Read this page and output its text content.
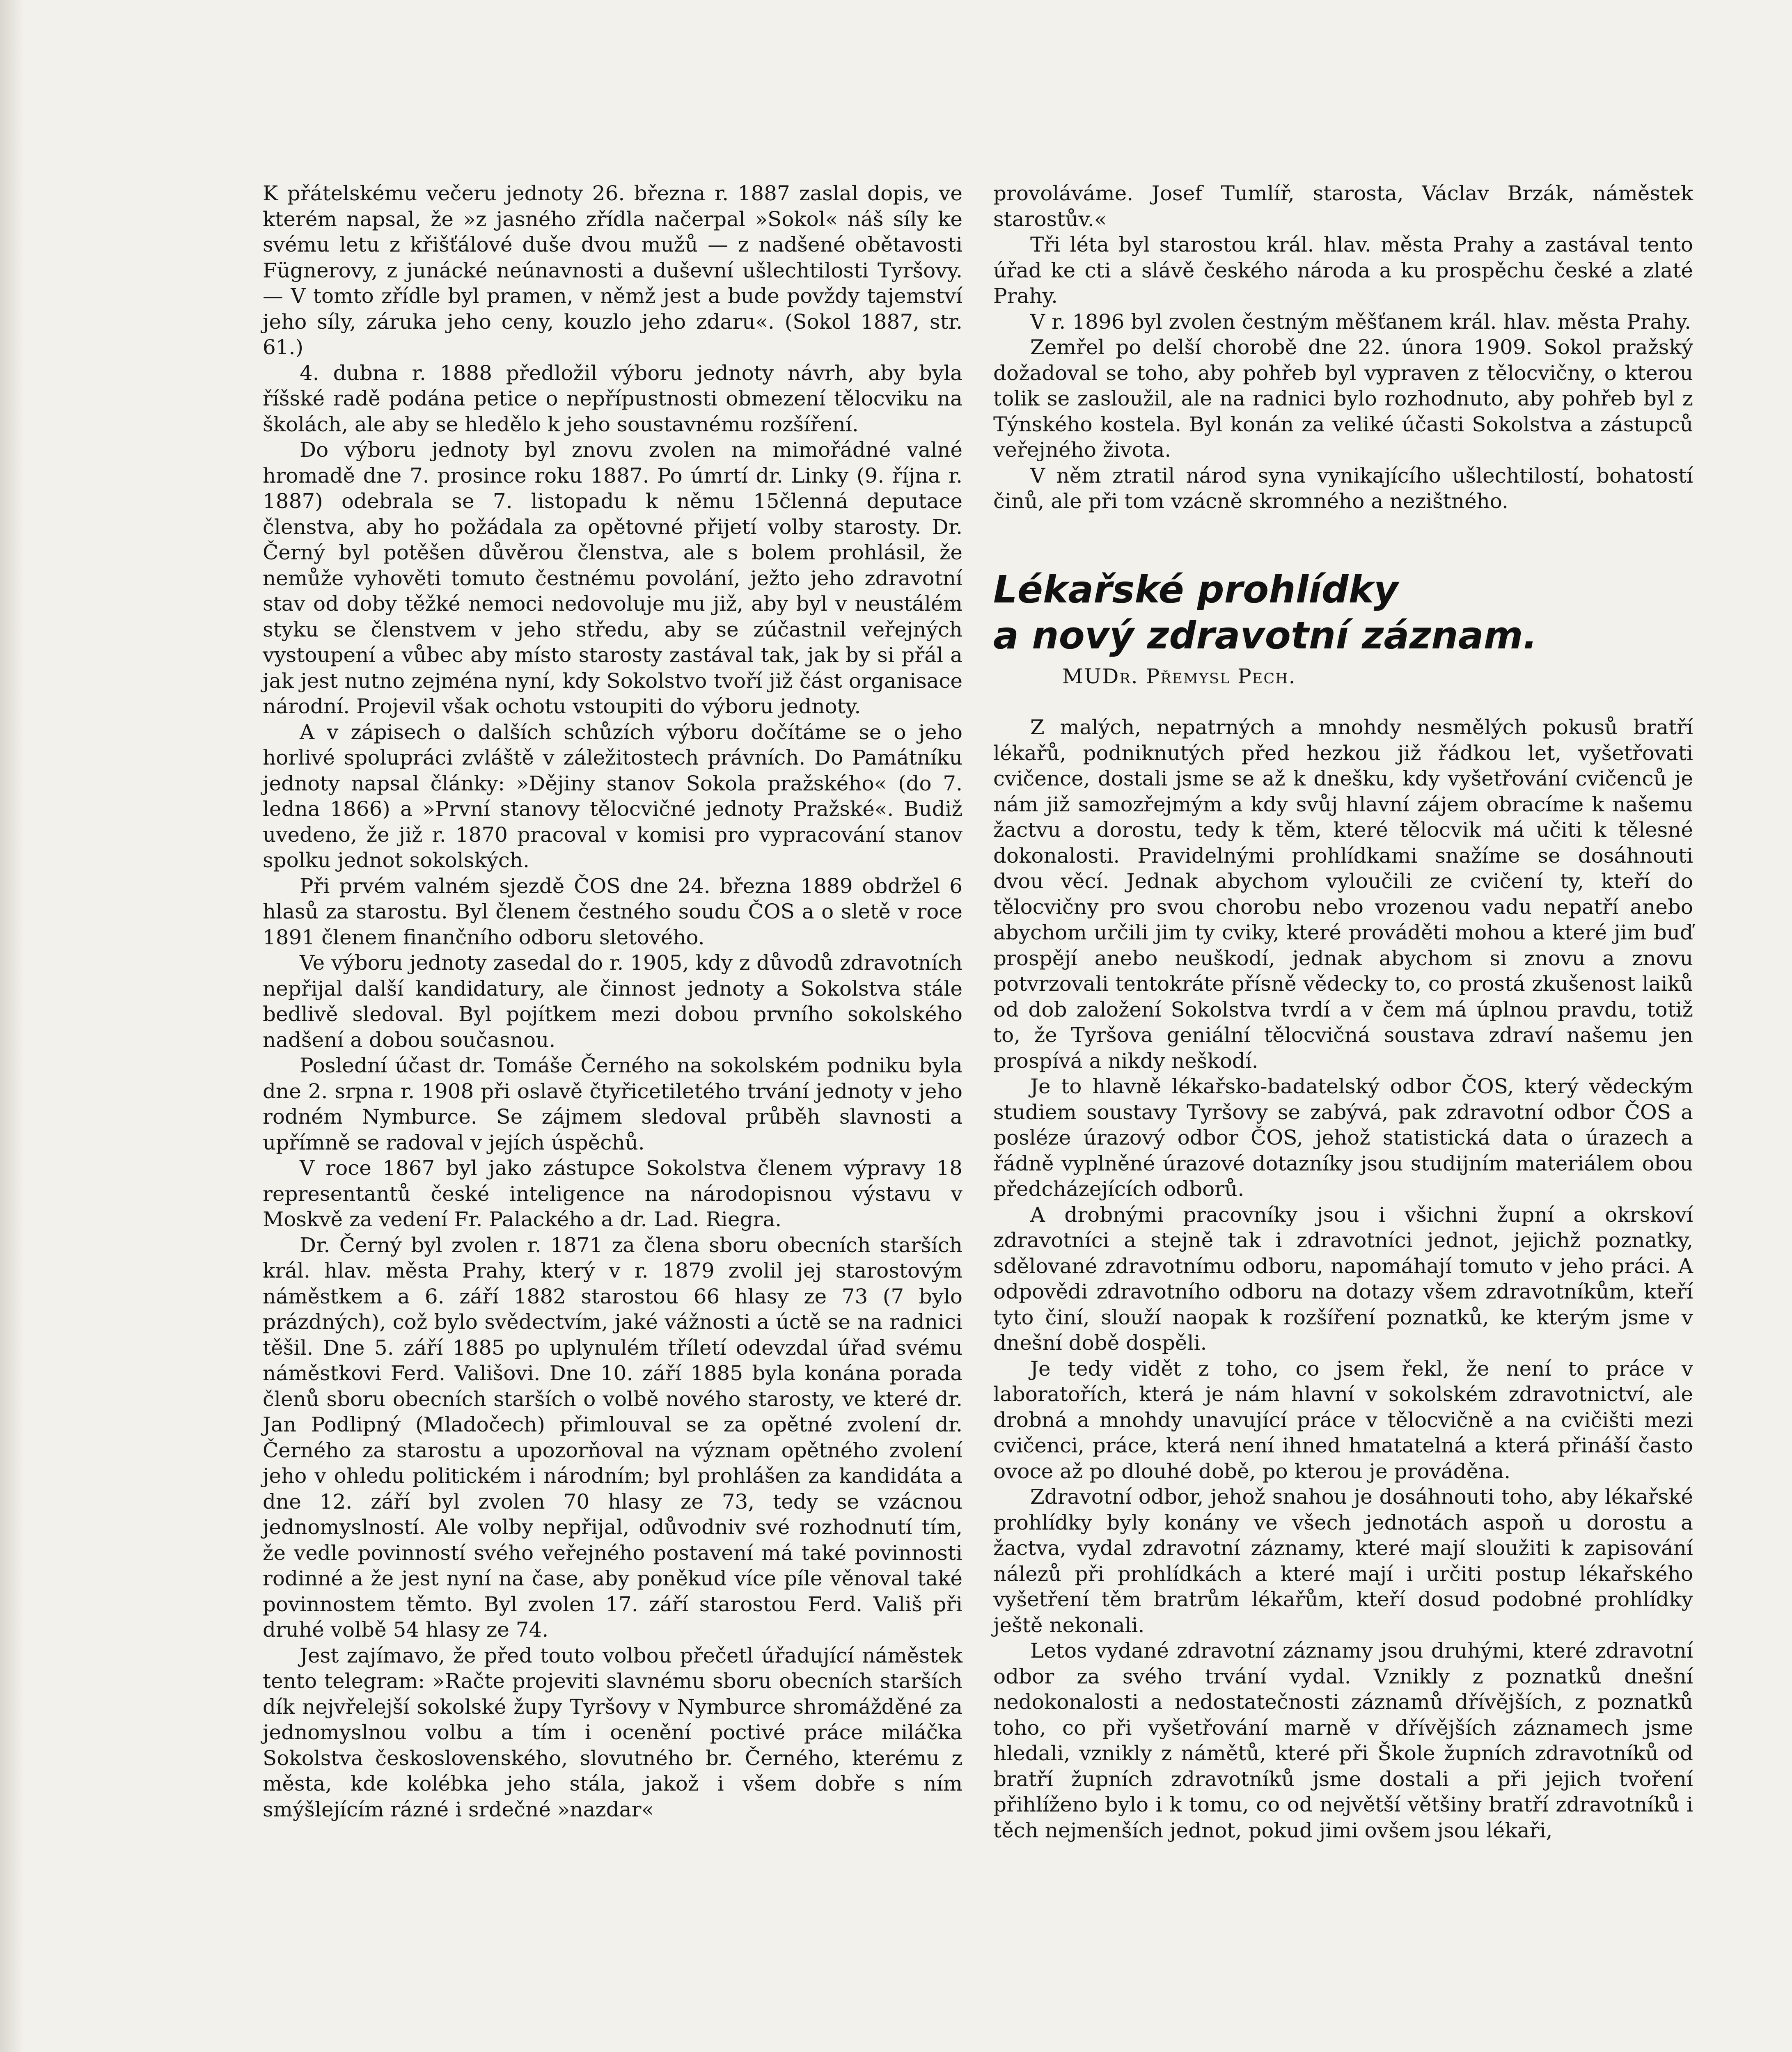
K přátelskému večeru jednoty 26. března r. 1887 zaslal dopis, ve kterém napsal, že »z jasného zřídla načerpal »Sokol« náš síly ke svému letu z křišťálové duše dvou mužů — z nadšené obětavosti Fügnerovy, z junácké neúnavnosti a duševní ušlechtilosti Tyršovy. — V tomto zřídle byl pramen, v němž jest a bude povždy tajemství jeho síly, záruka jeho ceny, kouzlo jeho zdaru«. (Sokol 1887, str. 61.)

4. dubna r. 1888 předložil výboru jednoty návrh, aby byla říšské radě podána petice o nepřípustnosti obmezení tělocviku na školách, ale aby se hledělo k jeho soustavnému rozšíření.

Do výboru jednoty byl znovu zvolen na mimořádné valné hromadě dne 7. prosince roku 1887. Po úmrtí dr. Linky (9. října r. 1887) odebrala se 7. listopadu k němu 15členná deputace členstva, aby ho požádala za opětovné přijetí volby starosty. Dr. Černý byl potěšen důvěrou členstva, ale s bolem prohlásil, že nemůže vyhověti tomuto čestnému povolání, ježto jeho zdravotní stav od doby těžké nemoci nedovoluje mu již, aby byl v neustálém styku se členstvem v jeho středu, aby se zúčastnil veřejných vystoupení a vůbec aby místo starosty zastával tak, jak by si přál a jak jest nutno zejména nyní, kdy Sokolstvo tvoří již část organisace národní. Projevil však ochotu vstoupiti do výboru jednoty.

A v zápisech o dalších schůzích výboru dočítáme se o jeho horlivé spolupráci zvláště v záležitostech právních. Do Památníku jednoty napsal články: »Dějiny stanov Sokola pražského« (do 7. ledna 1866) a »První stanovy tělocvičné jednoty Pražské«. Budiž uvedeno, že již r. 1870 pracoval v komisi pro vypracování stanov spolku jednot sokolských.

Při prvém valném sjezdě ČOS dne 24. března 1889 obdržel 6 hlasů za starostu. Byl členem čestného soudu ČOS a o sletě v roce 1891 členem finančního odboru sletového.

Ve výboru jednoty zasedal do r. 1905, kdy z důvodů zdravotních nepřijal další kandidatury, ale činnost jednoty a Sokolstva stále bedlivě sledoval. Byl pojítkem mezi dobou prvního sokolského nadšení a dobou současnou.

Poslední účast dr. Tomáše Černého na sokolském podniku byla dne 2. srpna r. 1908 při oslavě čtyřicetiletého trvání jednoty v jeho rodném Nymburce. Se zájmem sledoval průběh slavnosti a upřímně se radoval v jejích úspěchů.

V roce 1867 byl jako zástupce Sokolstva členem výpravy 18 representantů české inteligence na národopisnou výstavu v Moskvě za vedení Fr. Palackého a dr. Lad. Riegra.

Dr. Černý byl zvolen r. 1871 za člena sboru obecních starších král. hlav. města Prahy, který v r. 1879 zvolil jej starostovým náměstkem a 6. září 1882 starostou 66 hlasy ze 73 (7 bylo prázdných), což bylo svědectvím, jaké vážnosti a úctě se na radnici těšil. Dne 5. září 1885 po uplynulém tříletí odevzdal úřad svému náměstkovi Ferd. Vališovi. Dne 10. září 1885 byla konána porada členů sboru obecních starších o volbě nového starosty, ve které dr. Jan Podlipný (Mladočech) přimlouval se za opětné zvolení dr. Černého za starostu a upozorňoval na význam opětného zvolení jeho v ohledu politickém i národním; byl prohlášen za kandidáta a dne 12. září byl zvolen 70 hlasy ze 73, tedy se vzácnou jednomyslností. Ale volby nepřijal, odůvodniv své rozhodnutí tím, že vedle povinností svého veřejného postavení má také povinnosti rodinné a že jest nyní na čase, aby poněkud více píle věnoval také povinnostem těmto. Byl zvolen 17. září starostou Ferd. Vališ při druhé volbě 54 hlasy ze 74.

Jest zajímavo, že před touto volbou přečetl úřadující náměstek tento telegram: »Račte projeviti slavnému sboru obecních starších dík nejvřelejší sokolské župy Tyršovy v Nymburce shromážděné za jednomyslnou volbu a tím i ocenění poctivé práce miláčka Sokolstva československého, slovutného br. Černého, kterému z města, kde kolébka jeho stála, jakož i všem dobře s ním smýšlejícím rázné i srdečné »nazdar«

provoláváme. Josef Tumlíř, starosta, Václav Brzák, náměstek starostův.«

Tři léta byl starostou král. hlav. města Prahy a zastával tento úřad ke cti a slávě českého národa a ku prospěchu české a zlaté Prahy.

V r. 1896 byl zvolen čestným měšťanem král. hlav. města Prahy.

Zemřel po delší chorobě dne 22. února 1909. Sokol pražský dožadoval se toho, aby pohřeb byl vypraven z tělocvičny, o kterou tolik se zasloužil, ale na radnici bylo rozhodnuto, aby pohřeb byl z Týnského kostela. Byl konán za veliké účasti Sokolstva a zástupců veřejného života.

V něm ztratil národ syna vynikajícího ušlechtilostí, bohatostí činů, ale při tom vzácně skromného a nezištného.

Lékařské prohlídky
a nový zdravotní záznam.
MUDr. Přemysl Pech.

Z malých, nepatrných a mnohdy nesmělých pokusů bratří lékařů, podniknutých před hezkou již řádkou let, vyšetřovati cvičence, dostali jsme se až k dnešku, kdy vyšetřování cvičenců je nám již samozřejmým a kdy svůj hlavní zájem obracíme k našemu žactvu a dorostu, tedy k těm, které tělocvik má učiti k tělesné dokonalosti. Pravidelnými prohlídkami snažíme se dosáhnouti dvou věcí. Jednak abychom vyloučili ze cvičení ty, kteří do tělocvičny pro svou chorobu nebo vrozenou vadu nepatří anebo abychom určili jim ty cviky, které prováděti mohou a které jim buď prospějí anebo neuškodí, jednak abychom si znovu a znovu potvrzovali tentokráte přísně vědecky to, co prostá zkušenost laiků od dob založení Sokolstva tvrdí a v čem má úplnou pravdu, totiž to, že Tyršova geniální tělocvičná soustava zdraví našemu jen prospívá a nikdy neškodí.

Je to hlavně lékařsko-badatelský odbor ČOS, který vědeckým studiem soustavy Tyršovy se zabývá, pak zdravotní odbor ČOS a posléze úrazový odbor ČOS, jehož statistická data o úrazech a řádně vyplněné úrazové dotazníky jsou studijním materiálem obou předcházejících odborů.

A drobnými pracovníky jsou i všichni župní a okrskoví zdravotníci a stejně tak i zdravotníci jednot, jejichž poznatky, sdělované zdravotnímu odboru, napomáhají tomuto v jeho práci. A odpovědi zdravotního odboru na dotazy všem zdravotníkům, kteří tyto činí, slouží naopak k rozšíření poznatků, ke kterým jsme v dnešní době dospěli.

Je tedy vidět z toho, co jsem řekl, že není to práce v laboratořích, která je nám hlavní v sokolském zdravotnictví, ale drobná a mnohdy unavující práce v tělocvičně a na cvičišti mezi cvičenci, práce, která není ihned hmatatelná a která přináší často ovoce až po dlouhé době, po kterou je prováděna.

Zdravotní odbor, jehož snahou je dosáhnouti toho, aby lékařské prohlídky byly konány ve všech jednotách aspoň u dorostu a žactva, vydal zdravotní záznamy, které mají sloužiti k zapisování nálezů při prohlídkách a které mají i určiti postup lékařského vyšetření těm bratrům lékařům, kteří dosud podobné prohlídky ještě nekonali.

Letos vydané zdravotní záznamy jsou druhými, které zdravotní odbor za svého trvání vydal. Vznikly z poznatků dnešní nedokonalosti a nedostatečnosti záznamů dřívějších, z poznatků toho, co při vyšetřování marně v dřívějších záznamech jsme hledali, vznikly z námětů, které při Škole župních zdravotníků od bratří župních zdravotníků jsme dostali a při jejich tvoření přihlíženo bylo i k tomu, co od největší většiny bratří zdravotníků i těch nejmenších jednot, pokud jimi ovšem jsou lékaři,
